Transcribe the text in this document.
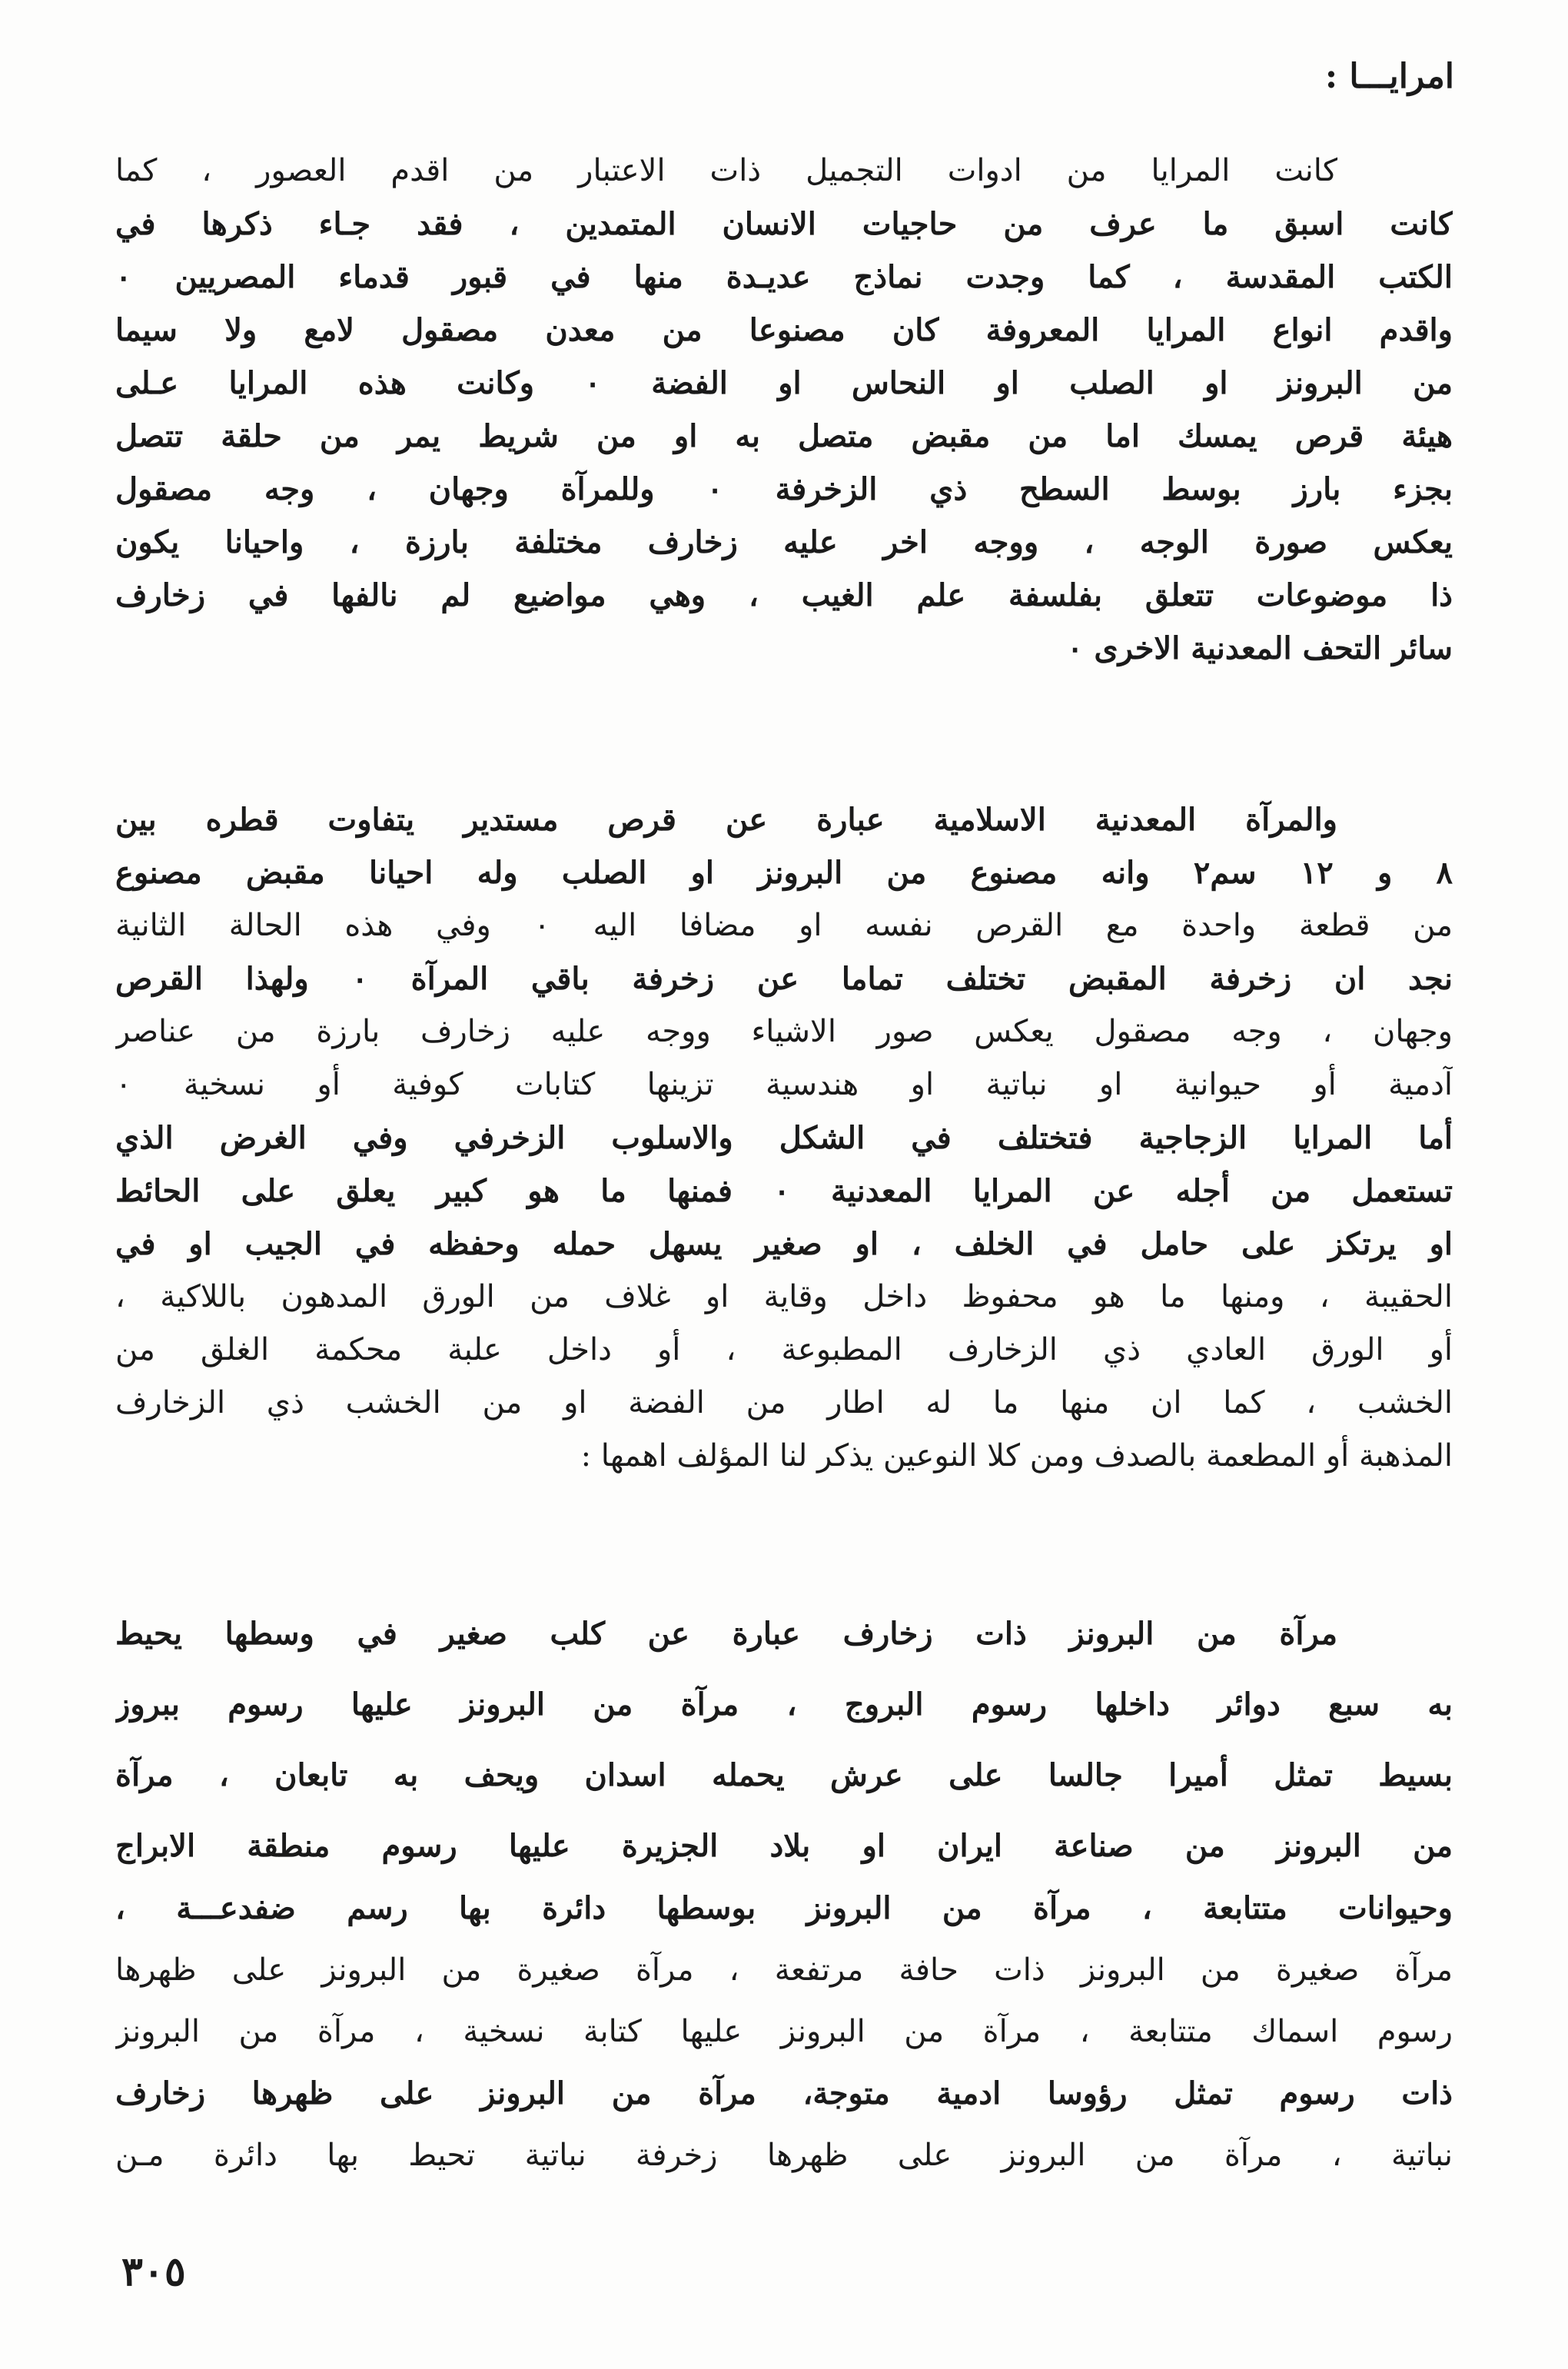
امرايـــا :
كانت المرايا من ادوات التجميل ذات الاعتبار من اقدم العصور ، كما
كانت اسبق ما عرف من حاجيات الانسان المتمدين ، فقد جـاء ذكرها في
الكتب المقدسة ، كما وجدت نماذج عديـدة منها في قبور قدماء المصريين ٠
واقدم انواع المرايا المعروفة كان مصنوعا من معدن مصقول لامع ولا سيما
من البرونز او الصلب او النحاس او الفضة ٠ وكانت هذه المرايا عـلى
هيئة قرص يمسك اما من مقبض متصل به او من شريط يمر من حلقة تتصل
بجزء بارز بوسط السطح ذي الزخرفة ٠ وللمرآة وجهان ، وجه مصقول
يعكس صورة الوجه ، ووجه اخر عليه زخارف مختلفة بارزة ، واحيانا يكون
ذا موضوعات تتعلق بفلسفة علم الغيب ، وهي مواضيع لم نالفها في زخارف
سائر التحف المعدنية الاخرى ٠
والمرآة المعدنية الاسلامية عبارة عن قرص مستدير يتفاوت قطره بين
٨ و ١٢ سم٢ وانه مصنوع من البرونز او الصلب وله احيانا مقبض مصنوع
من قطعة واحدة مع القرص نفسه او مضافا اليه ٠ وفي هذه الحالة الثانية
نجد ان زخرفة المقبض تختلف تماما عن زخرفة باقي المرآة ٠ ولهذا القرص
وجهان ، وجه مصقول يعكس صور الاشياء ووجه عليه زخارف بارزة من عناصر
آدمية أو حيوانية او نباتية او هندسية تزينها كتابات كوفية أو نسخية ٠
أما المرايا الزجاجية فتختلف في الشكل والاسلوب الزخرفي وفي الغرض الذي
تستعمل من أجله عن المرايا المعدنية ٠ فمنها ما هو كبير يعلق على الحائط
او يرتكز على حامل في الخلف ، او صغير يسهل حمله وحفظه في الجيب او في
الحقيبة ، ومنها ما هو محفوظ داخل وقاية او غلاف من الورق المدهون باللاكية ،
أو الورق العادي ذي الزخارف المطبوعة ، أو داخل علبة محكمة الغلق من
الخشب ، كما ان منها ما له اطار من الفضة او من الخشب ذي الزخارف
المذهبة أو المطعمة بالصدف ومن كلا النوعين يذكر لنا المؤلف اهمها :
مرآة من البرونز ذات زخارف عبارة عن كلب صغير في وسطها يحيط
به سبع دوائر داخلها رسوم البروج ، مرآة من البرونز عليها رسوم ببروز
بسيط تمثل أميرا جالسا على عرش يحمله اسدان ويحف به تابعان ، مرآة
من البرونز من صناعة ايران او بلاد الجزيرة عليها رسوم منطقة الابراج
وحيوانات متتابعة ، مرآة من البرونز بوسطها دائرة بها رسم ضفدعـــة ،
مرآة صغيرة من البرونز ذات حافة مرتفعة ، مرآة صغيرة من البرونز على ظهرها
رسوم اسماك متتابعة ، مرآة من البرونز عليها كتابة نسخية ، مرآة من البرونز
ذات رسوم تمثل رؤوسا ادمية متوجة، مرآة من البرونز على ظهرها زخارف
نباتية ، مرآة من البرونز على ظهرها زخرفة نباتية تحيط بها دائرة مـن
٣٠٥
